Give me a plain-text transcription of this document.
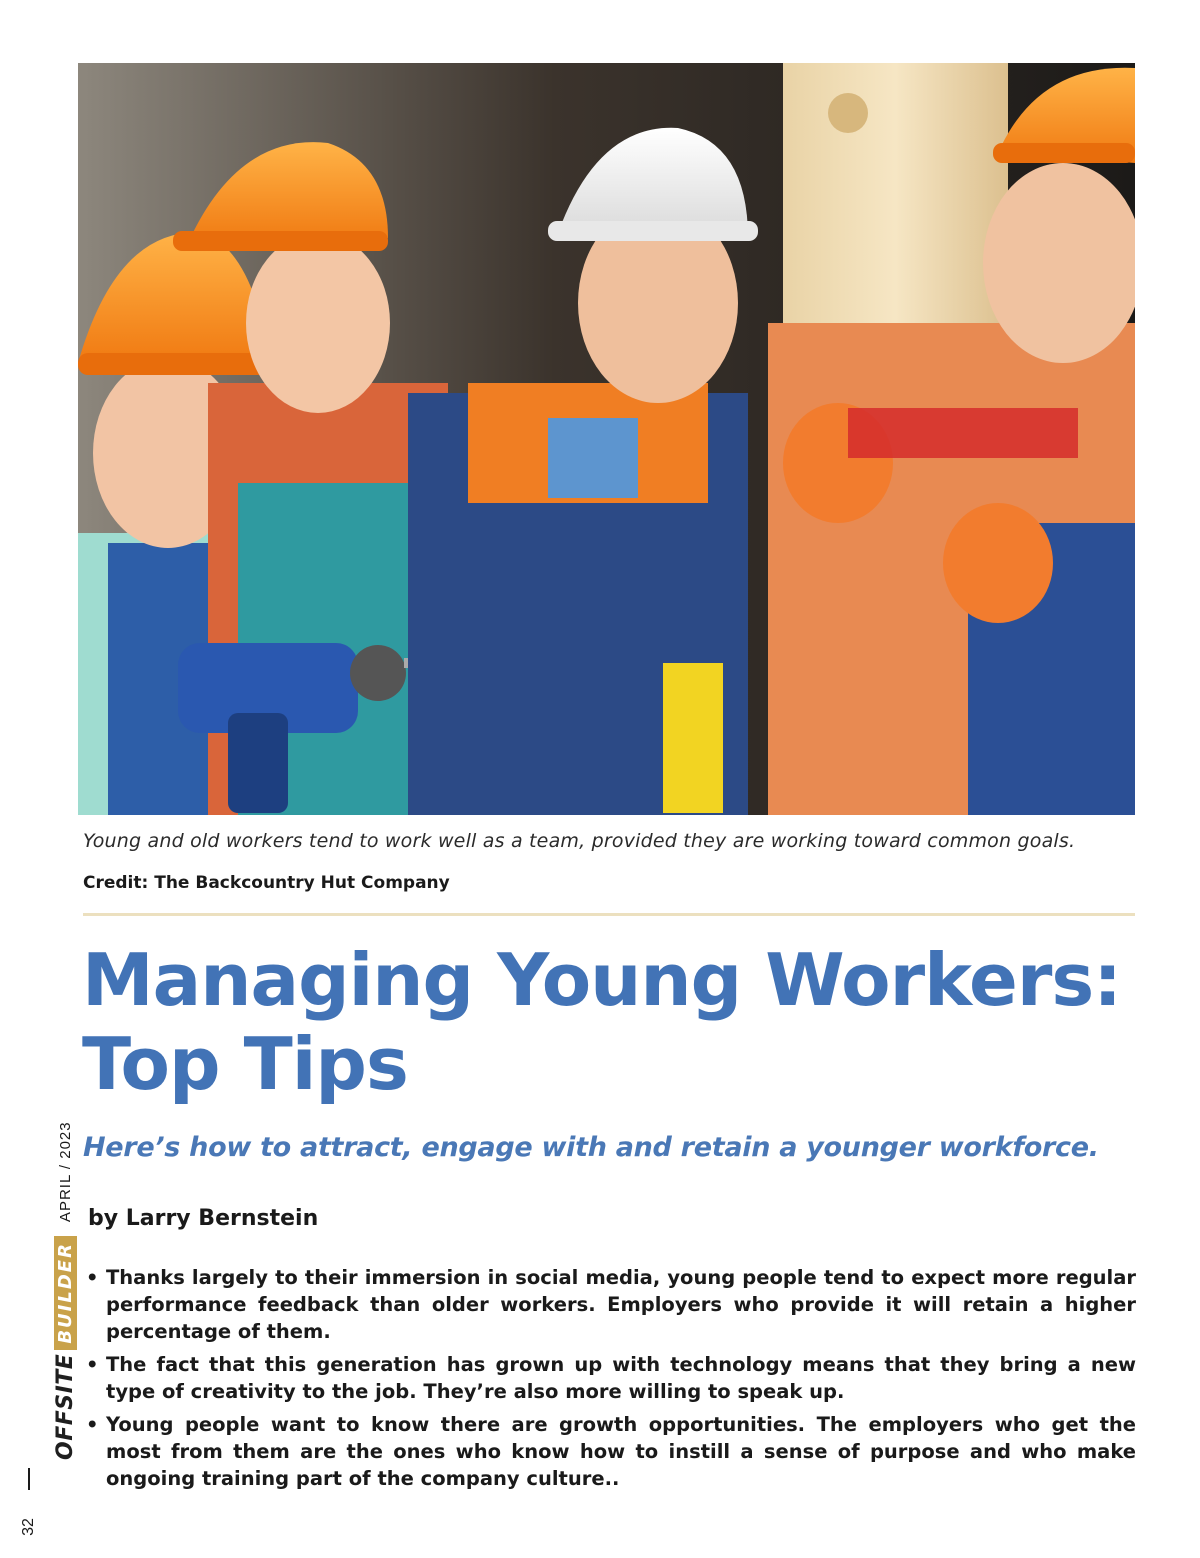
Young and old workers tend to work well as a team, provided they are working toward common goals.
Credit: The Backcountry Hut Company
Managing Young Workers:
Top Tips
Here’s how to attract, engage with and retain a younger workforce.
by Larry Bernstein
• Thanks largely to their immersion in social media, young people tend to expect more regular performance feedback than older workers. Employers who provide it will retain a higher percentage of them.
• The fact that this generation has grown up with technology means that they bring a new type of creativity to the job. They’re also more willing to speak up.
• Young people want to know there are growth opportunities. The employers who get the most from them are the ones who know how to instill a sense of purpose and who make ongoing training part of the company culture..
OFFSITE
BUILDER
APRIL / 2023
32
